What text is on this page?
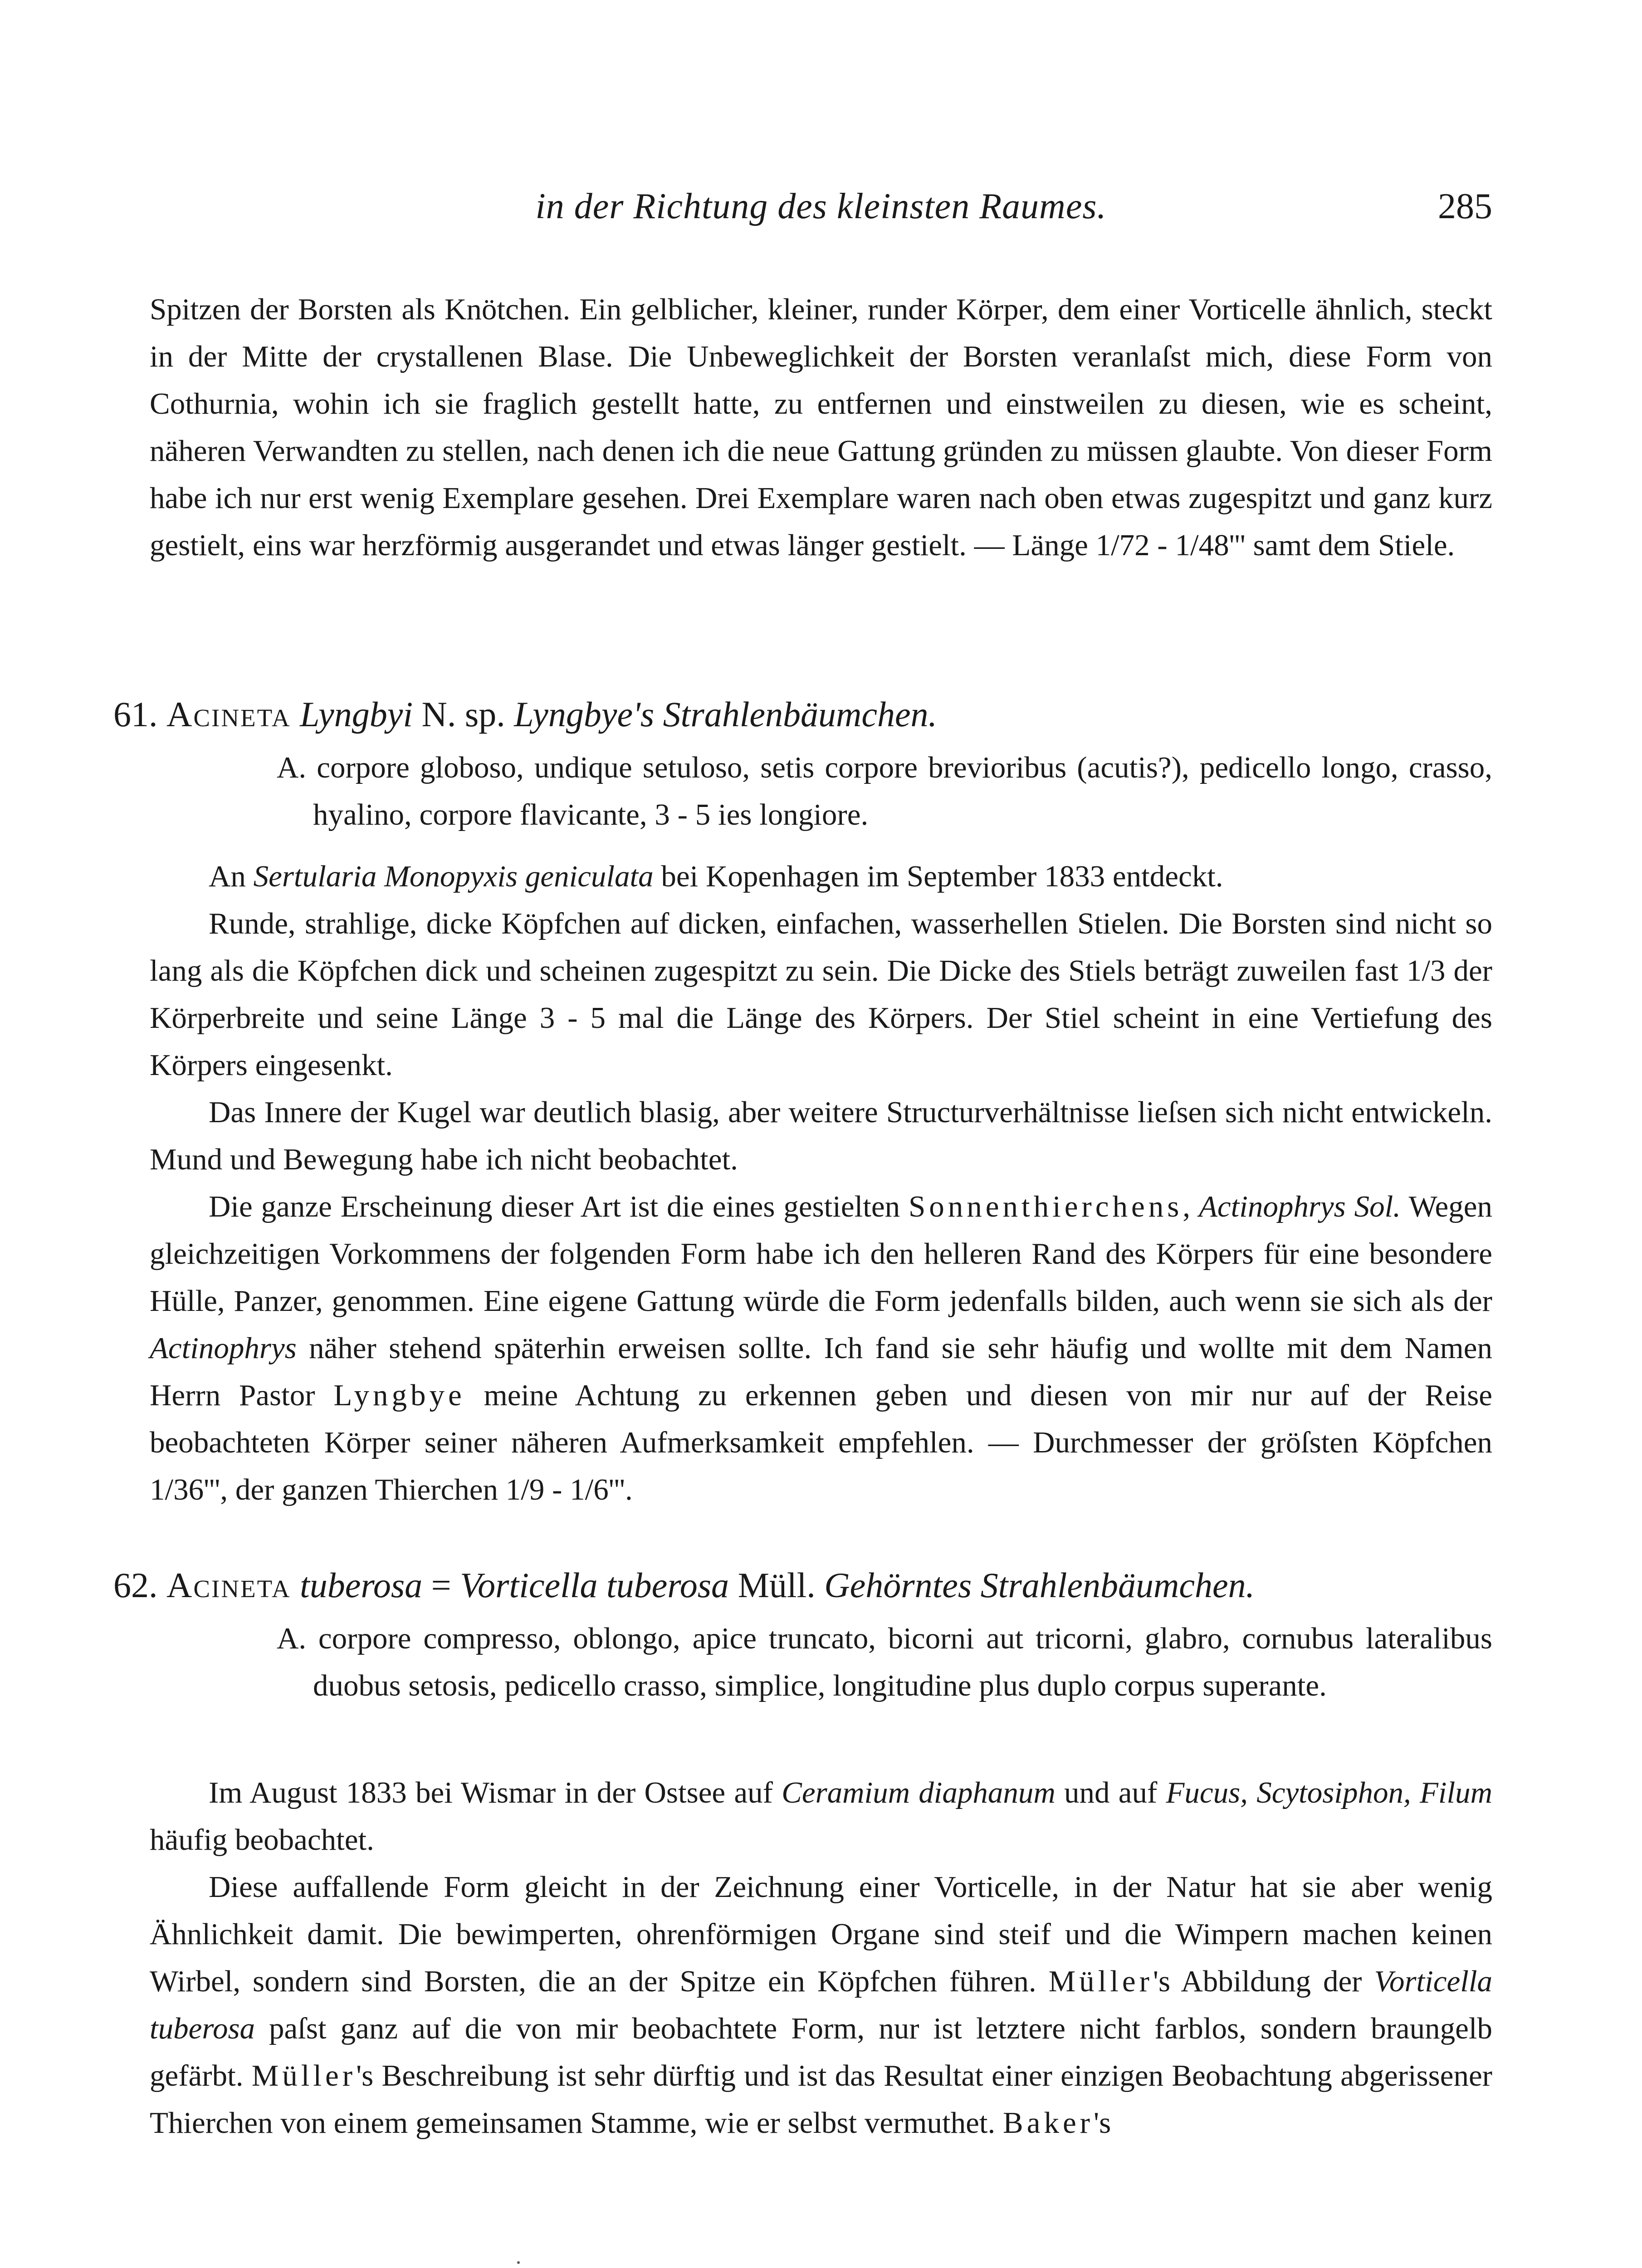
in der Richtung des kleinsten Raumes.	285

Spitzen der Borsten als Knötchen. Ein gelblicher, kleiner, runder Körper, dem einer Vorticelle ähnlich, steckt in der Mitte der crystallenen Blase. Die Unbeweglichkeit der Borsten veranlaſst mich, diese Form von Cothurnia, wohin ich sie fraglich gestellt hatte, zu entfernen und einstweilen zu diesen, wie es scheint, näheren Verwandten zu stellen, nach denen ich die neue Gattung gründen zu müssen glaubte. Von dieser Form habe ich nur erst wenig Exemplare gesehen. Drei Exemplare waren nach oben etwas zugespitzt und ganz kurz gestielt, eins war herzförmig ausgerandet und etwas länger gestielt. — Länge 1/72 - 1/48''' samt dem Stiele.

61. Acineta Lyngbyi N. sp. Lyngbye's Strahlenbäumchen.
A. corpore globoso, undique setuloso, setis corpore brevioribus (acutis?), pedicello longo, crasso, hyalino, corpore flavicante, 3 - 5 ies longiore.

An Sertularia Monopyxis geniculata bei Kopenhagen im September 1833 entdeckt.

Runde, strahlige, dicke Köpfchen auf dicken, einfachen, wasserhellen Stielen. Die Borsten sind nicht so lang als die Köpfchen dick und scheinen zugespitzt zu sein. Die Dicke des Stiels beträgt zuweilen fast 1/3 der Körperbreite und seine Länge 3 - 5 mal die Länge des Körpers. Der Stiel scheint in eine Vertiefung des Körpers eingesenkt.

Das Innere der Kugel war deutlich blasig, aber weitere Structurverhältnisse lieſsen sich nicht entwickeln. Mund und Bewegung habe ich nicht beobachtet.

Die ganze Erscheinung dieser Art ist die eines gestielten Sonnenthierchens, Actinophrys Sol. Wegen gleichzeitigen Vorkommens der folgenden Form habe ich den helleren Rand des Körpers für eine besondere Hülle, Panzer, genommen. Eine eigene Gattung würde die Form jedenfalls bilden, auch wenn sie sich als der Actinophrys näher stehend späterhin erweisen sollte. Ich fand sie sehr häufig und wollte mit dem Namen Herrn Pastor Lyngbye meine Achtung zu erkennen geben und diesen von mir nur auf der Reise beobachteten Körper seiner näheren Aufmerksamkeit empfehlen. — Durchmesser der gröſsten Köpfchen 1/36''', der ganzen Thierchen 1/9 - 1/6'''.

62. Acineta tuberosa = Vorticella tuberosa Müll. Gehörntes Strahlenbäumchen.
A. corpore compresso, oblongo, apice truncato, bicorni aut tricorni, glabro, cornubus lateralibus duobus setosis, pedicello crasso, simplice, longitudine plus duplo corpus superante.

Im August 1833 bei Wismar in der Ostsee auf Ceramium diaphanum und auf Fucus, Scytosiphon, Filum häufig beobachtet.

Diese auffallende Form gleicht in der Zeichnung einer Vorticelle, in der Natur hat sie aber wenig Ähnlichkeit damit. Die bewimperten, ohrenförmigen Organe sind steif und die Wimpern machen keinen Wirbel, sondern sind Borsten, die an der Spitze ein Köpfchen führen. Müller's Abbildung der Vorticella tuberosa paſst ganz auf die von mir beobachtete Form, nur ist letztere nicht farblos, sondern braungelb gefärbt. Müller's Beschreibung ist sehr dürftig und ist das Resultat einer einzigen Beobachtung abgerissener Thierchen von einem gemeinsamen Stamme, wie er selbst vermuthet. Baker's
